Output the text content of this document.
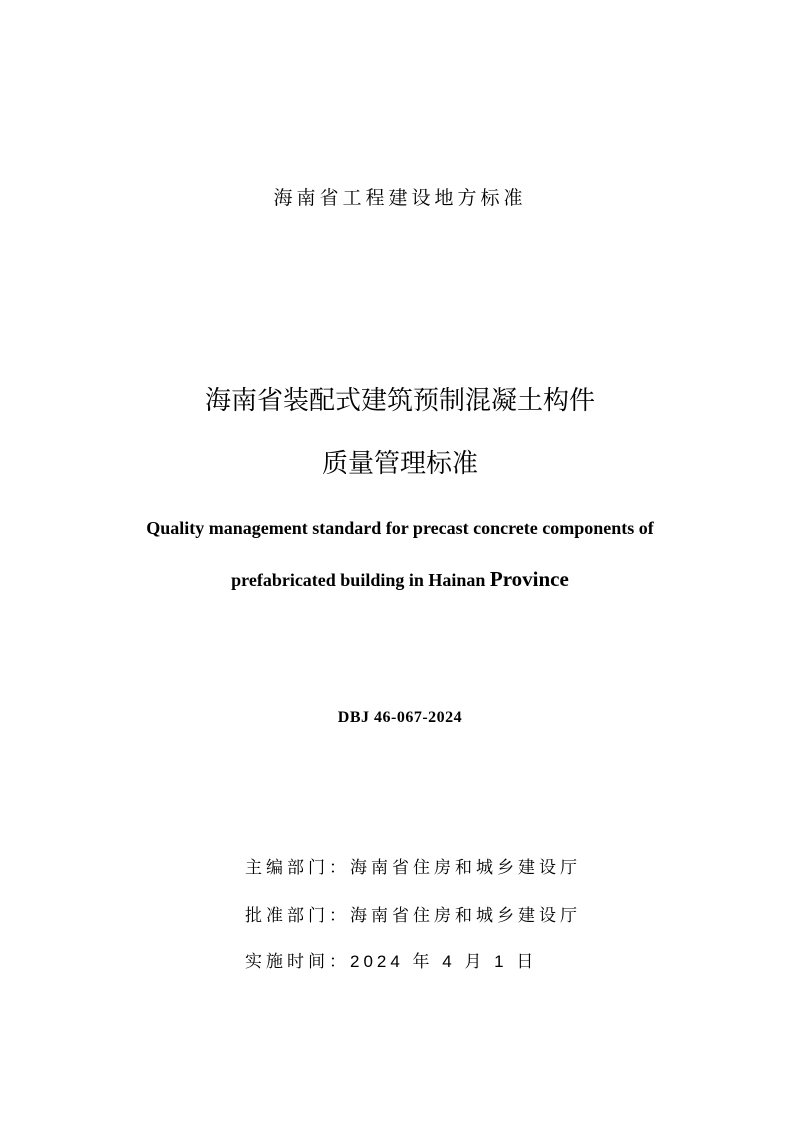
海南省工程建设地方标准
海南省装配式建筑预制混凝土构件
质量管理标准
Quality management standard for precast concrete components of
prefabricated building in Hainan Province
DBJ 46-067-2024
主编部门：海南省住房和城乡建设厅
批准部门：海南省住房和城乡建设厅
实施时间：2024 年 4 月 1 日
